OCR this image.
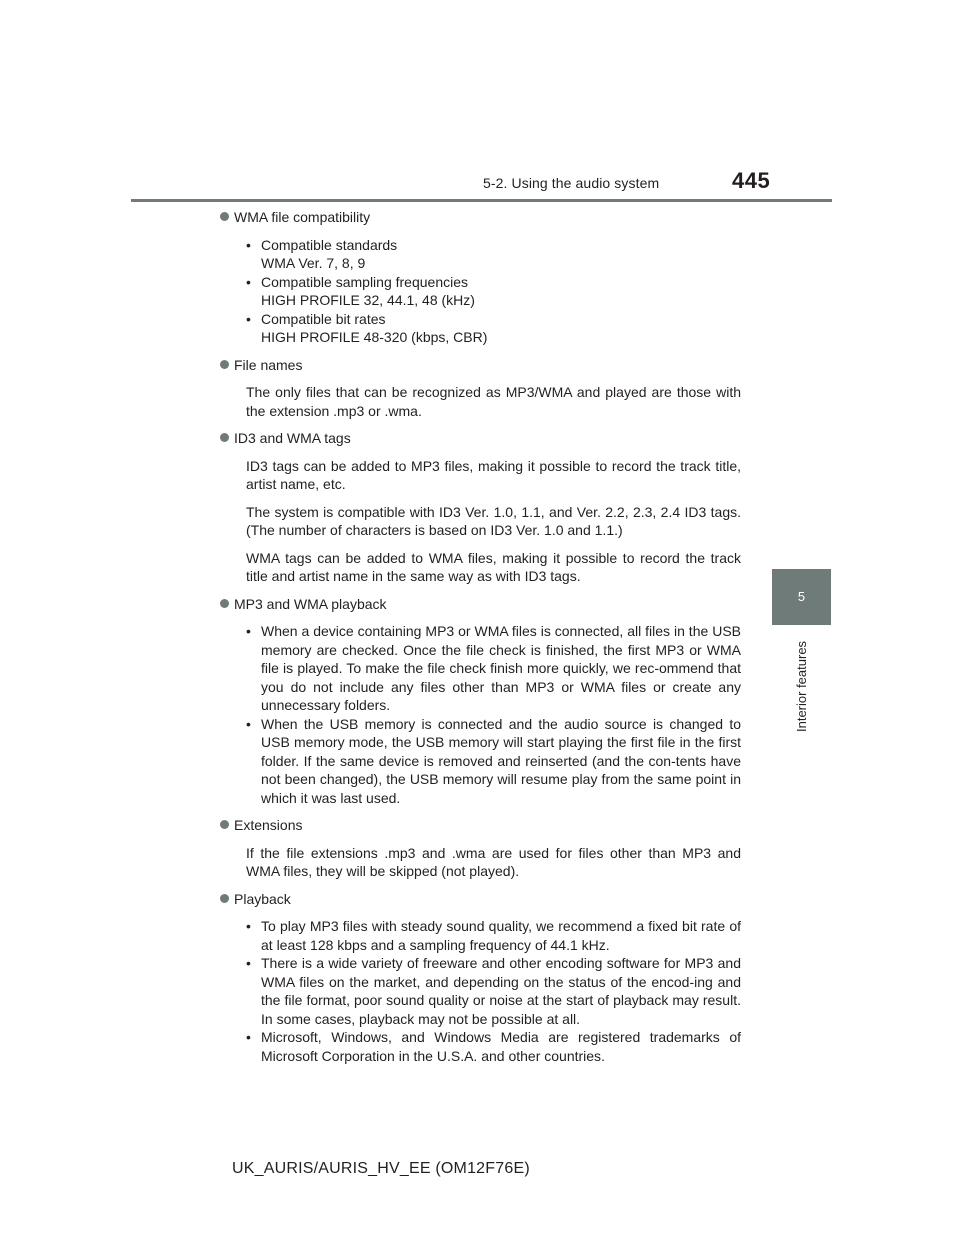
5-2. Using the audio system	445
5
Interior features
WMA file compatibility
• Compatible standards
WMA Ver. 7, 8, 9
• Compatible sampling frequencies
HIGH PROFILE 32, 44.1, 48 (kHz)
• Compatible bit rates
HIGH PROFILE 48-320 (kbps, CBR)
File names

The only files that can be recognized as MP3/WMA and played are those with the extension .mp3 or .wma.

ID3 and WMA tags

ID3 tags can be added to MP3 files, making it possible to record the track title, artist name, etc.

The system is compatible with ID3 Ver. 1.0, 1.1, and Ver. 2.2, 2.3, 2.4 ID3 tags. (The number of characters is based on ID3 Ver. 1.0 and 1.1.)

WMA tags can be added to WMA files, making it possible to record the track title and artist name in the same way as with ID3 tags.

MP3 and WMA playback
• When a device containing MP3 or WMA files is connected, all files in the USB memory are checked. Once the file check is finished, the first MP3 or WMA file is played. To make the file check finish more quickly, we rec-ommend that you do not include any files other than MP3 or WMA files or create any unnecessary folders.
• When the USB memory is connected and the audio source is changed to USB memory mode, the USB memory will start playing the first file in the first folder. If the same device is removed and reinserted (and the con-tents have not been changed), the USB memory will resume play from the same point in which it was last used.
Extensions

If the file extensions .mp3 and .wma are used for files other than MP3 and WMA files, they will be skipped (not played).

Playback
• To play MP3 files with steady sound quality, we recommend a fixed bit rate of at least 128 kbps and a sampling frequency of 44.1 kHz.
• There is a wide variety of freeware and other encoding software for MP3 and WMA files on the market, and depending on the status of the encod-ing and the file format, poor sound quality or noise at the start of playback may result. In some cases, playback may not be possible at all.
• Microsoft, Windows, and Windows Media are registered trademarks of Microsoft Corporation in the U.S.A. and other countries.
UK_AURIS/AURIS_HV_EE (OM12F76E)
